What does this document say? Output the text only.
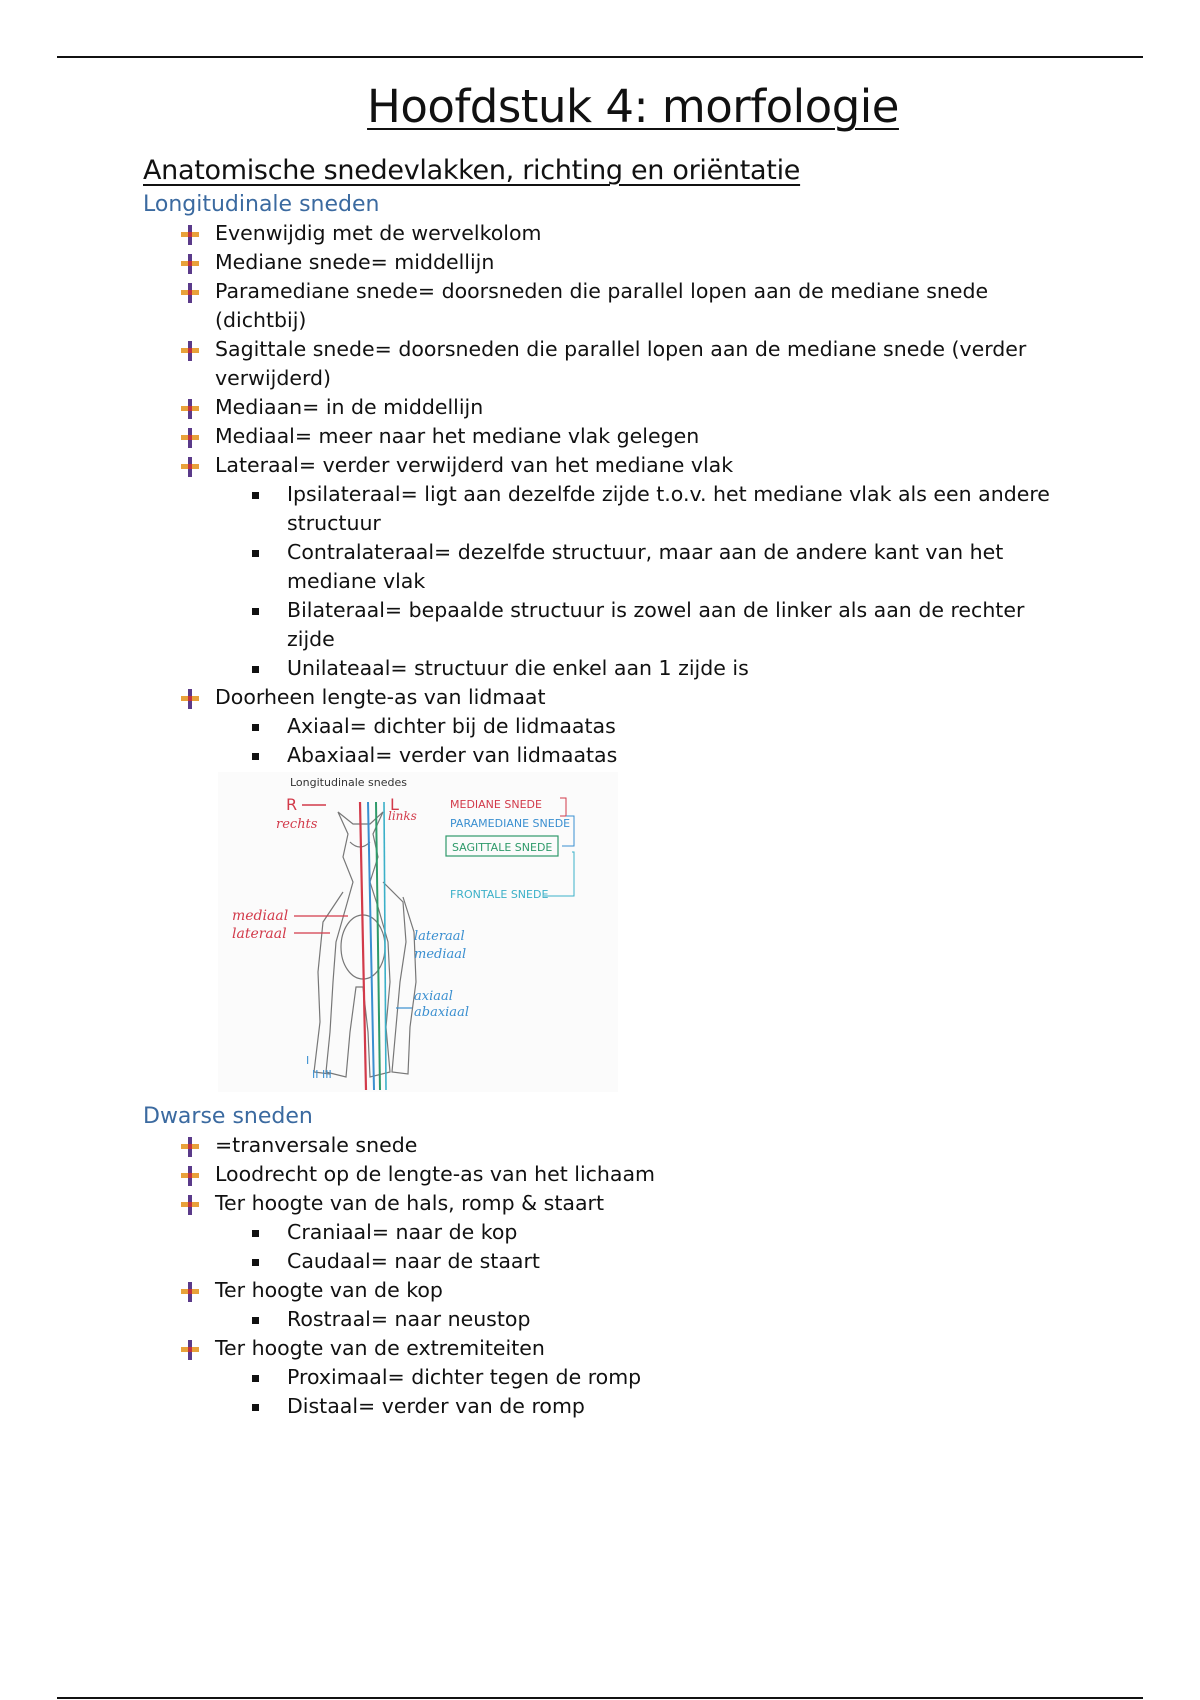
Hoofdstuk 4: morfologie
Anatomische snedevlakken, richting en oriëntatie
Longitudinale sneden
Evenwijdig met de wervelkolom
Mediane snede= middellijn
Paramediane snede= doorsneden die parallel lopen aan de mediane snede (dichtbij)
Sagittale snede= doorsneden die parallel lopen aan de mediane snede (verder verwijderd)
Mediaan= in de middellijn
Mediaal= meer naar het mediane vlak gelegen
Lateraal= verder verwijderd van het mediane vlak
Ipsilateraal= ligt aan dezelfde zijde t.o.v. het mediane vlak als een andere structuur
Contralateraal= dezelfde structuur, maar aan de andere kant van het mediane vlak
Bilateraal= bepaalde structuur is zowel aan de linker als aan de rechter zijde
Unilateaal= structuur die enkel aan 1 zijde is
Doorheen lengte-as van lidmaat
Axiaal= dichter bij de lidmaatas
Abaxiaal= verder van lidmaatas
Longitudinale snedes
R	L
rechts
links
MEDIANE SNEDE
PARAMEDIANE SNEDE
SAGITTALE SNEDE
FRONTALE SNEDE
mediaal
lateraal	lateraal
mediaal
axiaal
abaxiaal
I
II III
Dwarse sneden
=tranversale snede
Loodrecht op de lengte-as van het lichaam
Ter hoogte van de hals, romp & staart
Craniaal= naar de kop
Caudaal= naar de staart
Ter hoogte van de kop
Rostraal= naar neustop
Ter hoogte van de extremiteiten
Proximaal= dichter tegen de romp
Distaal= verder van de romp
